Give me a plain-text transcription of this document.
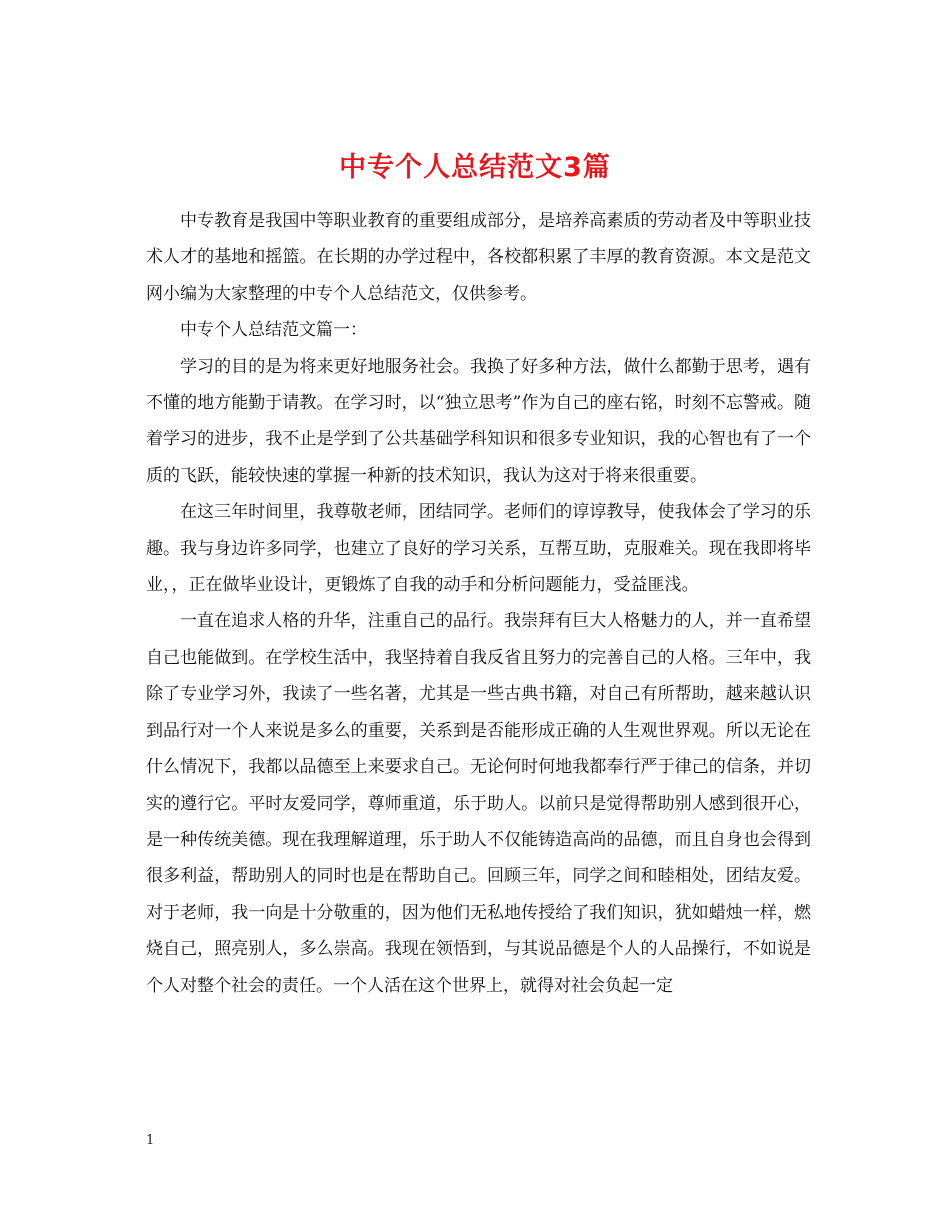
中专个人总结范文3篇

中专教育是我国中等职业教育的重要组成部分，是培养高素质的劳动者及中等职业技术人才的基地和摇篮。在长期的办学过程中，各校都积累了丰厚的教育资源。本文是范文网小编为大家整理的中专个人总结范文，仅供参考。

中专个人总结范文篇一：

学习的目的是为将来更好地服务社会。我换了好多种方法，做什么都勤于思考，遇有不懂的地方能勤于请教。在学习时，以“独立思考”作为自己的座右铭，时刻不忘警戒。随着学习的进步，我不止是学到了公共基础学科知识和很多专业知识，我的心智也有了一个质的飞跃，能较快速的掌握一种新的技术知识，我认为这对于将来很重要。

在这三年时间里，我尊敬老师，团结同学。老师们的谆谆教导，使我体会了学习的乐趣。我与身边许多同学，也建立了良好的学习关系，互帮互助，克服难关。现在我即将毕业，，正在做毕业设计，更锻炼了自我的动手和分析问题能力，受益匪浅。

一直在追求人格的升华，注重自己的品行。我崇拜有巨大人格魅力的人，并一直希望自己也能做到。在学校生活中，我坚持着自我反省且努力的完善自己的人格。三年中，我除了专业学习外，我读了一些名著，尤其是一些古典书籍，对自己有所帮助，越来越认识到品行对一个人来说是多么的重要，关系到是否能形成正确的人生观世界观。所以无论在什么情况下，我都以品德至上来要求自己。无论何时何地我都奉行严于律己的信条，并切实的遵行它。平时友爱同学，尊师重道，乐于助人。以前只是觉得帮助别人感到很开心，是一种传统美德。现在我理解道理，乐于助人不仅能铸造高尚的品德，而且自身也会得到很多利益，帮助别人的同时也是在帮助自己。回顾三年，同学之间和睦相处，团结友爱。对于老师，我一向是十分敬重的，因为他们无私地传授给了我们知识，犹如蜡烛一样，燃烧自己，照亮别人，多么崇高。我现在领悟到，与其说品德是个人的人品操行，不如说是个人对整个社会的责任。一个人活在这个世界上，就得对社会负起一定

1
